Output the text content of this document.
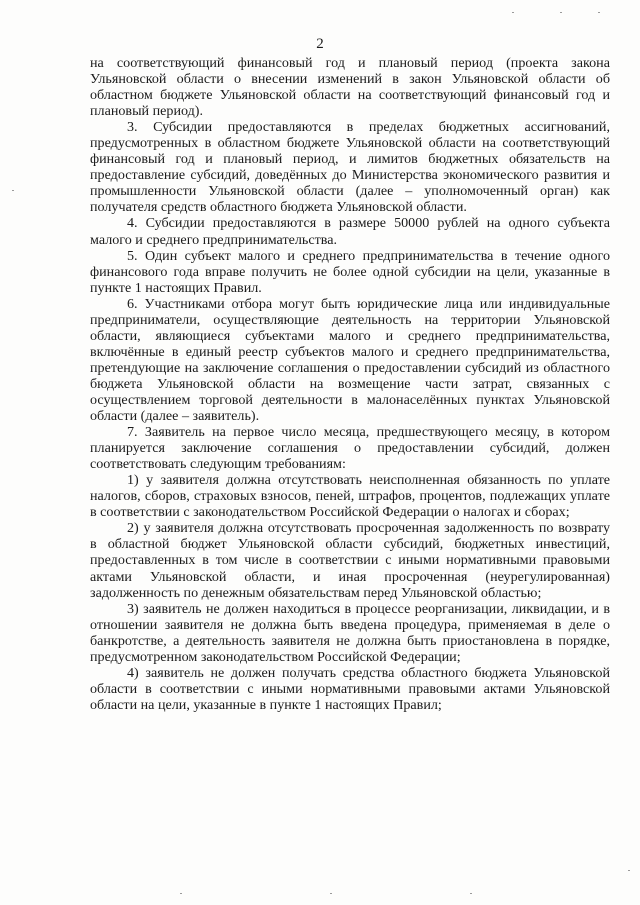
2

на соответствующий финансовый год и плановый период (проекта закона Ульяновской области о внесении изменений в закон Ульяновской области об областном бюджете Ульяновской области на соответствующий финансовый год и плановый период).

3. Субсидии предоставляются в пределах бюджетных ассигнований, предусмотренных в областном бюджете Ульяновской области на соответствующий финансовый год и плановый период, и лимитов бюджетных обязательств на предоставление субсидий, доведённых до Министерства экономического развития и промышленности Ульяновской области (далее – уполномоченный орган) как получателя средств областного бюджета Ульяновской области.

4. Субсидии предоставляются в размере 50000 рублей на одного субъекта малого и среднего предпринимательства.

5. Один субъект малого и среднего предпринимательства в течение одного финансового года вправе получить не более одной субсидии на цели, указанные в пункте 1 настоящих Правил.

6. Участниками отбора могут быть юридические лица или индивидуальные предприниматели, осуществляющие деятельность на территории Ульяновской области, являющиеся субъектами малого и среднего предпринимательства, включённые в единый реестр субъектов малого и среднего предпринимательства, претендующие на заключение соглашения о предоставлении субсидий из областного бюджета Ульяновской области на возмещение части затрат, связанных с осуществлением торговой деятельности в малонаселённых пунктах Ульяновской области (далее – заявитель).

7. Заявитель на первое число месяца, предшествующего месяцу, в котором планируется заключение соглашения о предоставлении субсидий, должен соответствовать следующим требованиям:

1) у заявителя должна отсутствовать неисполненная обязанность по уплате налогов, сборов, страховых взносов, пеней, штрафов, процентов, подлежащих уплате в соответствии с законодательством Российской Федерации о налогах и сборах;

2) у заявителя должна отсутствовать просроченная задолженность по возврату в областной бюджет Ульяновской области субсидий, бюджетных инвестиций, предоставленных в том числе в соответствии с иными нормативными правовыми актами Ульяновской области, и иная просроченная (неурегулированная) задолженность по денежным обязательствам перед Ульяновской областью;

3) заявитель не должен находиться в процессе реорганизации, ликвидации, и в отношении заявителя не должна быть введена процедура, применяемая в деле о банкротстве, а деятельность заявителя не должна быть приостановлена в порядке, предусмотренном законодательством Российской Федерации;

4) заявитель не должен получать средства областного бюджета Ульяновской области в соответствии с иными нормативными правовыми актами Ульяновской области на цели, указанные в пункте 1 настоящих Правил;
